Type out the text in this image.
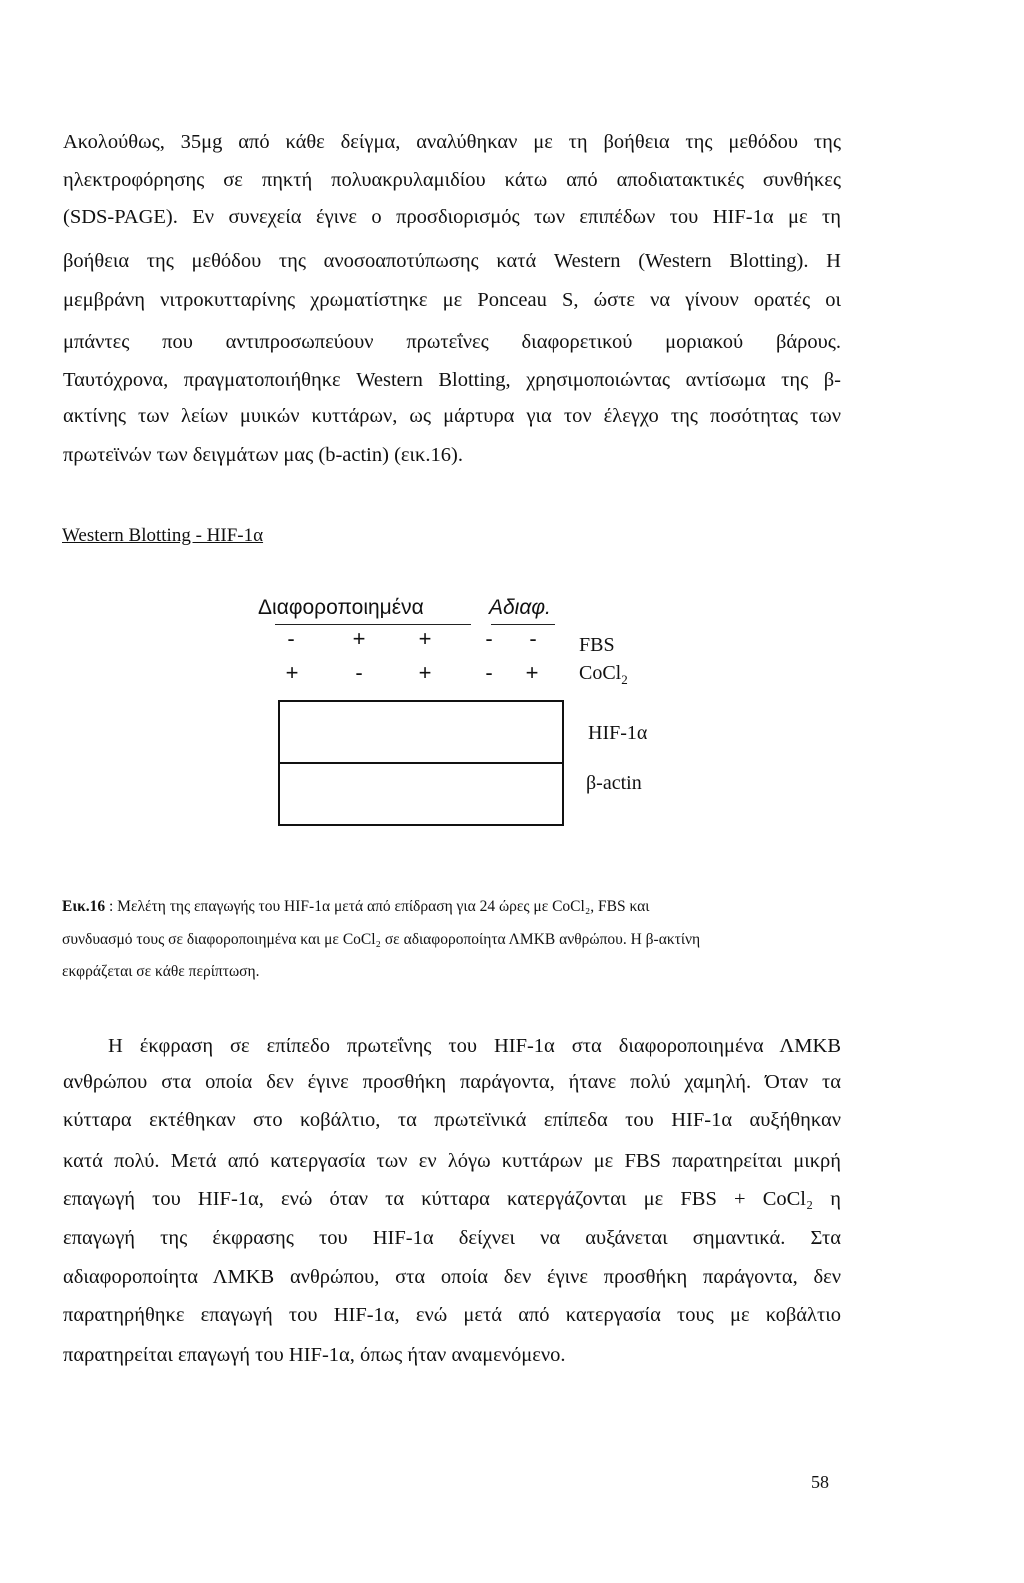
Ακολούθως, 35μg από κάθε δείγμα, αναλύθηκαν με τη βοήθεια της μεθόδου της
ηλεκτροφόρησης σε πηκτή πολυακρυλαμιδίου κάτω από αποδιατακτικές συνθήκες
(SDS-PAGE). Εν συνεχεία έγινε ο προσδιορισμός των επιπέδων του HIF-1α με τη
βοήθεια της μεθόδου της ανοσοαποτύπωσης κατά Western (Western Blotting). Η
μεμβράνη νιτροκυτταρίνης χρωματίστηκε με Ponceau S, ώστε να γίνουν ορατές οι
μπάντες που αντιπροσωπεύουν πρωτεΐνες διαφορετικού μοριακού βάρους.
Ταυτόχρονα, πραγματοποιήθηκε Western Blotting, χρησιμοποιώντας αντίσωμα της β-
ακτίνης των λείων μυικών κυττάρων, ως μάρτυρα για τον έλεγχο της ποσότητας των
πρωτεϊνών των δειγμάτων μας (b-actin) (εικ.16).
Western Blotting - HIF-1α
Διαφοροποιημένα	Αδιαφ.
-	+	+	-	-	FBS
+	-	+	-	+	CoCl$_2$
HIF-1α
β-actin
Εικ.16 : Μελέτη της επαγωγής του HIF-1α μετά από επίδραση για 24 ώρες με CoCl₂, FBS και
συνδυασμό τους σε διαφοροποιημένα και με CoCl₂ σε αδιαφοροποίητα ΛΜΚΒ ανθρώπου. Η β-ακτίνη
εκφράζεται σε κάθε περίπτωση.
Η έκφραση σε επίπεδο πρωτεΐνης του HIF-1α στα διαφοροποιημένα ΛΜΚΒ
ανθρώπου στα οποία δεν έγινε προσθήκη παράγοντα, ήτανε πολύ χαμηλή. Όταν τα
κύτταρα εκτέθηκαν στο κοβάλτιο, τα πρωτεϊνικά επίπεδα του HIF-1α αυξήθηκαν
κατά πολύ. Μετά από κατεργασία των εν λόγω κυττάρων με FBS παρατηρείται μικρή
επαγωγή του HIF-1α, ενώ όταν τα κύτταρα κατεργάζονται με FBS + CoCl₂ η
επαγωγή της έκφρασης του HIF-1α δείχνει να αυξάνεται σημαντικά. Στα
αδιαφοροποίητα ΛΜΚΒ ανθρώπου, στα οποία δεν έγινε προσθήκη παράγοντα, δεν
παρατηρήθηκε επαγωγή του HIF-1α, ενώ μετά από κατεργασία τους με κοβάλτιο
παρατηρείται επαγωγή του HIF-1α, όπως ήταν αναμενόμενο.
58
